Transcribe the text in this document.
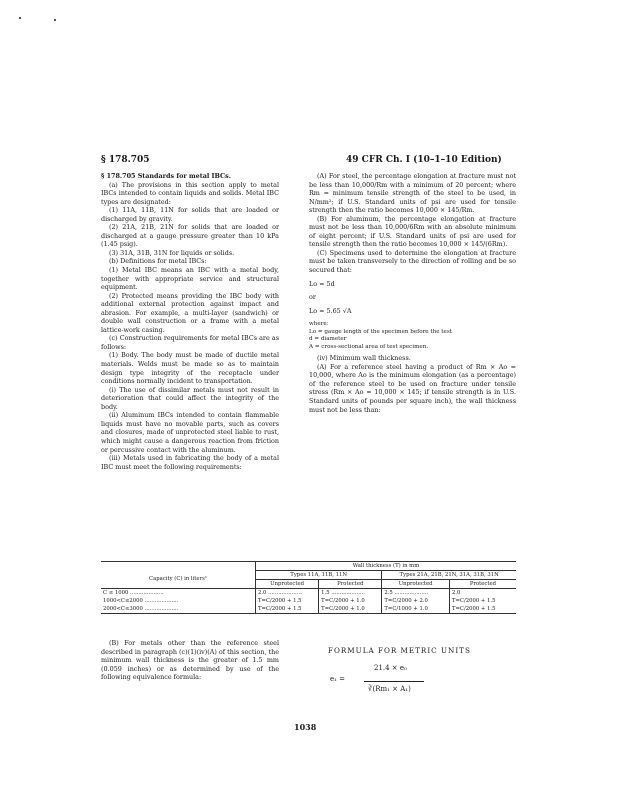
§ 178.705	49 CFR Ch. I (10–1–10 Edition)

§ 178.705 Standards for metal IBCs.

(a) The provisions in this section apply to metal IBCs intended to contain liquids and solids. Metal IBC types are designated:

(1) 11A, 11B, 11N for solids that are loaded or discharged by gravity.

(2) 21A, 21B, 21N for solids that are loaded or discharged at a gauge pressure greater than 10 kPa (1.45 psig).

(3) 31A, 31B, 31N for liquids or solids.

(b) Definitions for metal IBCs:

(1) Metal IBC means an IBC with a metal body, together with appropriate service and structural equipment.

(2) Protected means providing the IBC body with additional external protection against impact and abrasion. For example, a multi-layer (sandwich) or double wall construction or a frame with a metal lattice-work casing.

(c) Construction requirements for metal IBCs are as follows:

(1) Body. The body must be made of ductile metal materials. Welds must be made so as to maintain design type integrity of the receptacle under conditions normally incident to transportation.

(i) The use of dissimilar metals must not result in deterioration that could affect the integrity of the body.

(ii) Aluminum IBCs intended to contain flammable liquids must have no movable parts, such as covers and closures, made of unprotected steel liable to rust, which might cause a dangerous reaction from friction or percussive contact with the aluminum.

(iii) Metals used in fabricating the body of a metal IBC must meet the following requirements:

(A) For steel, the percentage elongation at fracture must not be less than 10,000/Rm with a minimum of 20 percent; where Rm = minimum tensile strength of the steel to be used, in N/mm²; if U.S. Standard units of psi are used for tensile strength then the ratio becomes 10,000 × 145/Rm.

(B) For aluminum, the percentage elongation at fracture must not be less than 10,000/6Rm with an absolute minimum of eight percent; if U.S. Standard units of psi are used for tensile strength then the ratio becomes 10,000 × 145/(6Rm).

(C) Specimens used to determine the elongation at fracture must be taken transversely to the direction of rolling and be so secured that:

Lo = 5d

or

Lo = 5.65 √A

where:

Lo = gauge length of the specimen before the test

d = diameter

A = cross-sectional area of test specimen.

(iv) Minimum wall thickness.

(A) For a reference steel having a product of Rm × Ao = 10,000, where Ao is the minimum elongation (as a percentage) of the reference steel to be used on fracture under tensile stress (Rm × Ao = 10,000 × 145; if tensile strength is in U.S. Standard units of pounds per square inch), the wall thickness must not be less than:

	Wall thickness (T) in mm			
Capacity (C) in liters¹	Types 11A, 11B, 11N		Types 21A, 21B, 21N, 31A, 31B, 31N	
	Unprotected	Protected	Unprotected	Protected
C ≤ 1000 ....................	2.0 ....................	1.5 ....................	2.5 ....................	2.0
1000<C≤2000 ....................	T=C/2000 + 1.5	T=C/2000 + 1.0	T=C/2000 + 2.0	T=C/2000 + 1.5
2000<C≤3000 ....................	T=C/2000 + 1.5	T=C/2000 + 1.0	T=C/1000 + 1.0	T=C/2000 + 1.5

(B) For metals other than the reference steel described in paragraph (c)(1)(iv)(A) of this section, the minimum wall thickness is the greater of 1.5 mm (0.059 inches) or as determined by use of the following equivalence formula:

FORMULA FOR METRIC UNITS
e₁ =
21.4 × e₀
∛(Rm₁ × A₁)
1038
